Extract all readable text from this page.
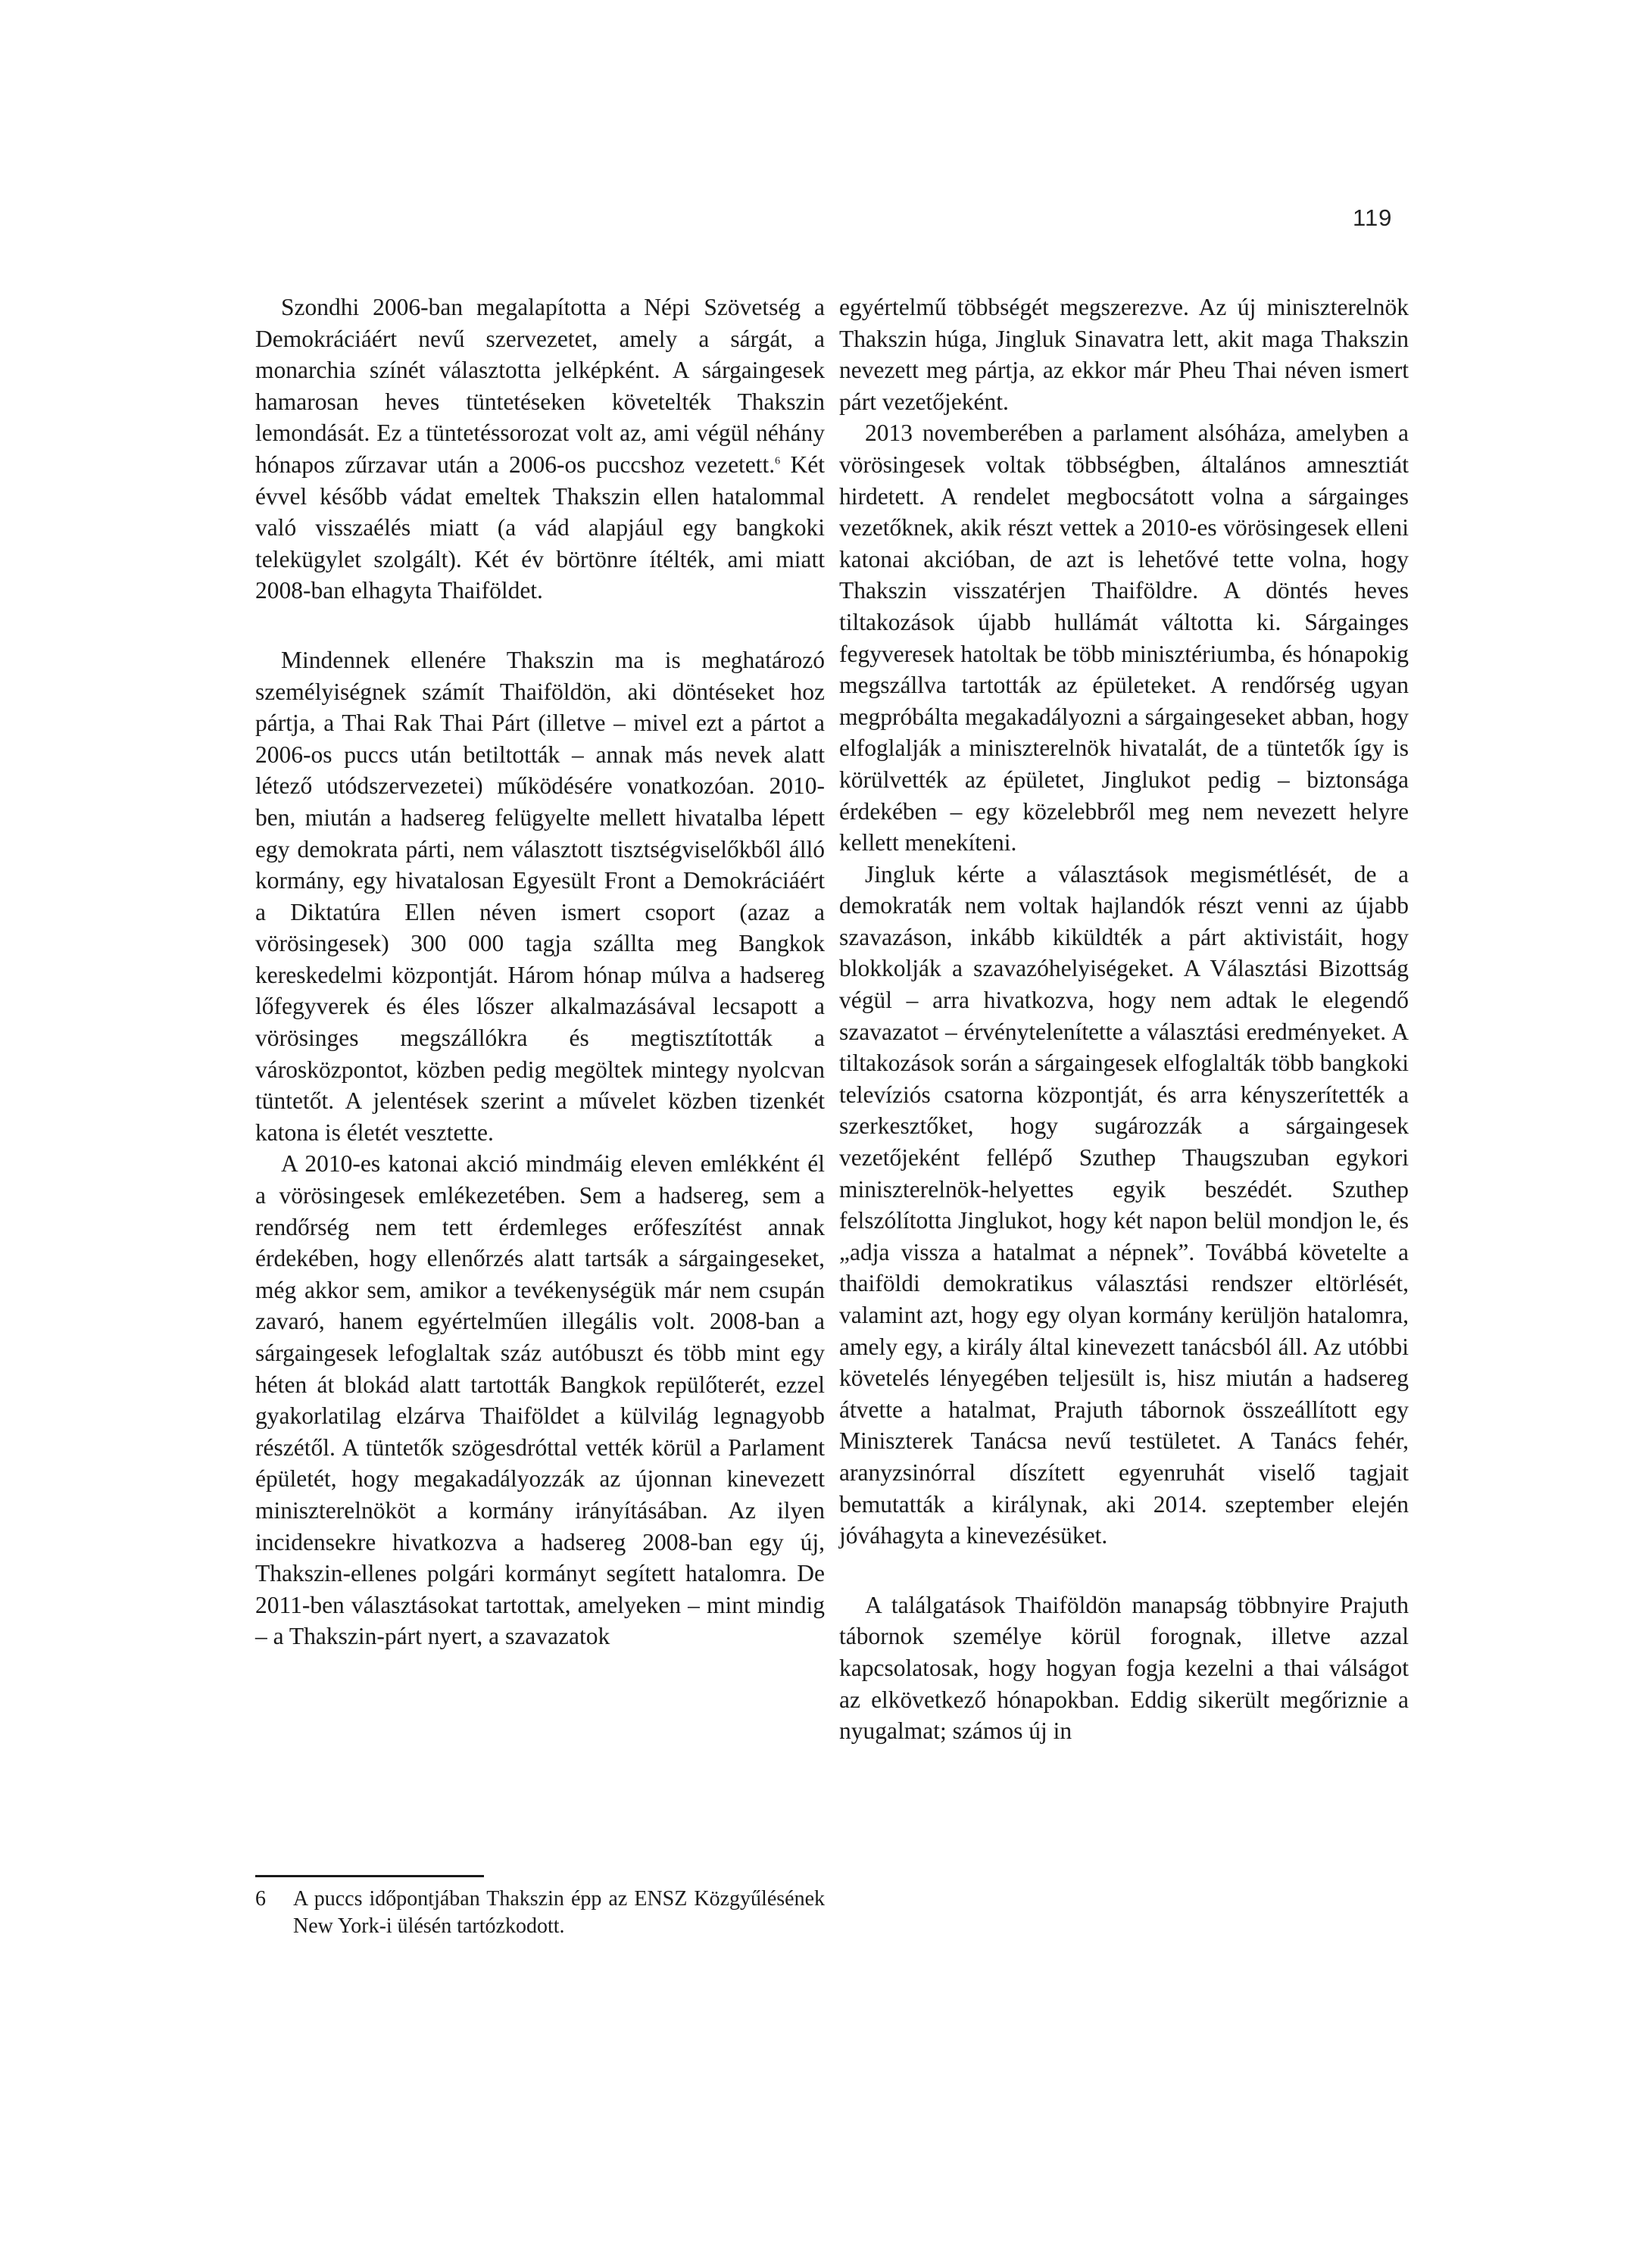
119

Szondhi 2006-ban megalapította a Népi Szövetség a Demokráciáért nevű szervezetet, amely a sárgát, a monarchia színét választotta jelképként. A sárgaingesek hamarosan heves tüntetéseken követelték Thakszin lemondását. Ez a tüntetéssorozat volt az, ami végül néhány hónapos zűrzavar után a 2006-os puccshoz vezetett.$^6$ Két évvel később vádat emeltek Thakszin ellen hatalommal való visszaélés miatt (a vád alapjául egy bangkoki telekügylet szolgált). Két év börtönre ítélték, ami miatt 2008-ban elhagyta Thaiföldet.

Mindennek ellenére Thakszin ma is meghatározó személyiségnek számít Thaiföldön, aki döntéseket hoz pártja, a Thai Rak Thai Párt (illetve – mivel ezt a pártot a 2006-os puccs után betiltották – annak más nevek alatt létező utódszervezetei) működésére vonatkozóan. 2010-ben, miután a hadsereg felügyelte mellett hivatalba lépett egy demokrata párti, nem választott tisztségviselőkből álló kormány, egy hivatalosan Egyesült Front a Demokráciáért a Diktatúra Ellen néven ismert csoport (azaz a vörösingesek) 300 000 tagja szállta meg Bangkok kereskedelmi központját. Három hónap múlva a hadsereg lőfegyverek és éles lőszer alkalmazásával lecsapott a vörösinges megszállókra és megtisztították a városközpontot, közben pedig megöltek mintegy nyolcvan tüntetőt. A jelentések szerint a művelet közben tizenkét katona is életét vesztette.

A 2010-es katonai akció mindmáig eleven emlékként él a vörösingesek emlékezetében. Sem a hadsereg, sem a rendőrség nem tett érdemleges erőfeszítést annak érdekében, hogy ellenőrzés alatt tartsák a sárgaingeseket, még akkor sem, amikor a tevékenységük már nem csupán zavaró, hanem egyértelműen illegális volt. 2008-ban a sárgaingesek lefoglaltak száz autóbuszt és több mint egy héten át blokád alatt tartották Bangkok repülőterét, ezzel gyakorlatilag elzárva Thaiföldet a külvilág legnagyobb részétől. A tüntetők szögesdróttal vették körül a Parlament épületét, hogy megakadályozzák az újonnan kinevezett miniszterelnököt a kormány irányításában. Az ilyen incidensekre hivatkozva a hadsereg 2008-ban egy új, Thakszin-ellenes polgári kormányt segített hatalomra. De 2011-ben választásokat tartottak, amelyeken – mint mindig – a Thakszin-párt nyert, a szavazatok

egyértelmű többségét megszerezve. Az új miniszterelnök Thakszin húga, Jingluk Sinavatra lett, akit maga Thakszin nevezett meg pártja, az ekkor már Pheu Thai néven ismert párt vezetőjeként.

2013 novemberében a parlament alsóháza, amelyben a vörösingesek voltak többségben, általános amnesztiát hirdetett. A rendelet megbocsátott volna a sárgainges vezetőknek, akik részt vettek a 2010-es vörösingesek elleni katonai akcióban, de azt is lehetővé tette volna, hogy Thakszin visszatérjen Thaiföldre. A döntés heves tiltakozások újabb hullámát váltotta ki. Sárgainges fegyveresek hatoltak be több minisztériumba, és hónapokig megszállva tartották az épületeket. A rendőrség ugyan megpróbálta megakadályozni a sárgaingeseket abban, hogy elfoglalják a miniszterelnök hivatalát, de a tüntetők így is körülvették az épületet, Jinglukot pedig – biztonsága érdekében – egy közelebbről meg nem nevezett helyre kellett menekíteni.

Jingluk kérte a választások megismétlését, de a demokraták nem voltak hajlandók részt venni az újabb szavazáson, inkább kiküldték a párt aktivistáit, hogy blokkolják a szavazóhelyiségeket. A Választási Bizottság végül – arra hivatkozva, hogy nem adtak le elegendő szavazatot – érvénytelenítette a választási eredményeket. A tiltakozások során a sárgaingesek elfoglalták több bangkoki televíziós csatorna központját, és arra kényszerítették a szerkesztőket, hogy sugározzák a sárgaingesek vezetőjeként fellépő Szuthep Thaugszuban egykori miniszterelnök-helyettes egyik beszédét. Szuthep felszólította Jinglukot, hogy két napon belül mondjon le, és „adja vissza a hatalmat a népnek”. Továbbá követelte a thaiföldi demokratikus választási rendszer eltörlését, valamint azt, hogy egy olyan kormány kerüljön hatalomra, amely egy, a király által kinevezett tanácsból áll. Az utóbbi követelés lényegében teljesült is, hisz miután a hadsereg átvette a hatalmat, Prajuth tábornok összeállított egy Miniszterek Tanácsa nevű testületet. A Tanács fehér, aranyzsinórral díszített egyenruhát viselő tagjait bemutatták a királynak, aki 2014. szeptember elején jóváhagyta a kinevezésüket.

A találgatások Thaiföldön manapság többnyire Prajuth tábornok személye körül forognak, illetve azzal kapcsolatosak, hogy hogyan fogja kezelni a thai válságot az elkövetkező hónapokban. Eddig sikerült megőriznie a nyugalmat; számos új in

6	A puccs időpontjában Thakszin épp az ENSZ Közgyűlésének New York-i ülésén tartózkodott.
